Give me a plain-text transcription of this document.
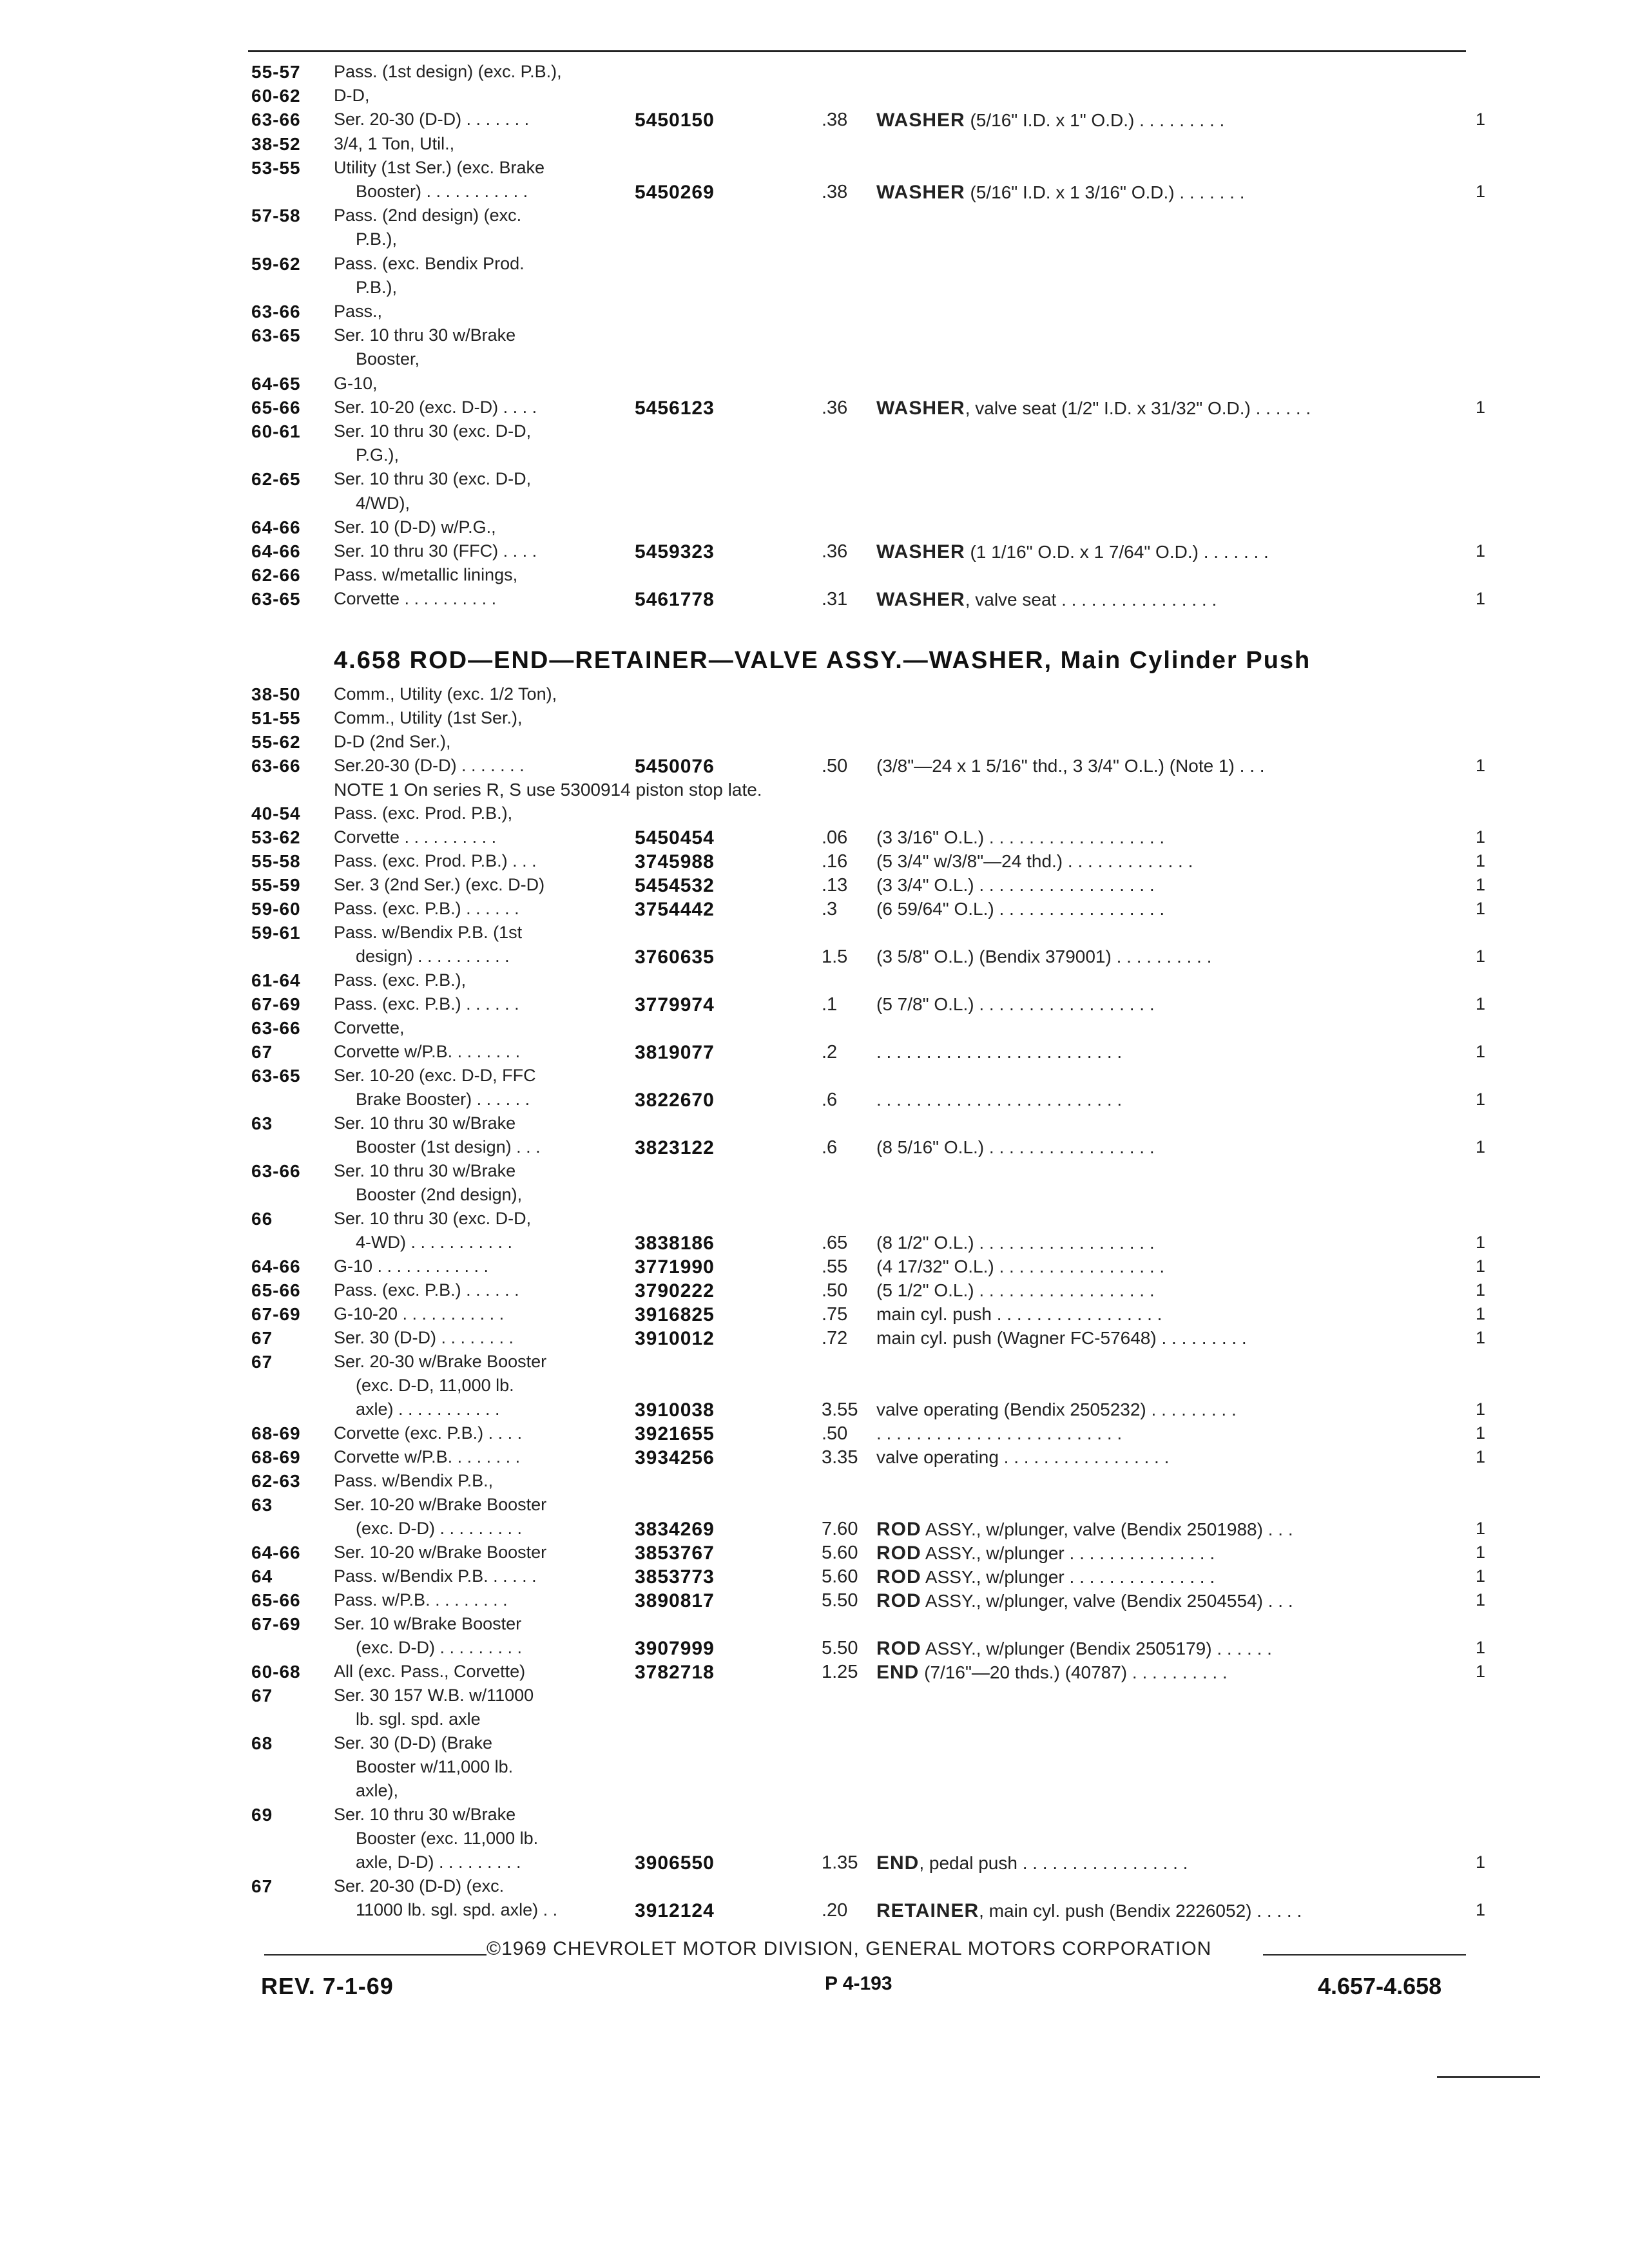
55-57 Pass. (1st design) (exc. P.B.),
60-62 D-D,
63-66 Ser. 20-30 (D-D) . . . . . . .	5450150	.38 WASHER (5/16" I.D. x 1" O.D.) . . . . . . . . .	1
38-52 3/4, 1 Ton, Util.,
53-55 Utility (1st Ser.) (exc. Brake
Booster) . . . . . . . . . . .	5450269	.38 WASHER (5/16" I.D. x 1 3/16" O.D.) . . . . . . .	1
57-58 Pass. (2nd design) (exc.
P.B.),
59-62 Pass. (exc. Bendix Prod.
P.B.),
63-66 Pass.,
63-65 Ser. 10 thru 30 w/Brake
Booster,
64-65 G-10,
65-66 Ser. 10-20 (exc. D-D) . . . .	5456123	.36 WASHER, valve seat (1/2" I.D. x 31/32" O.D.) . . . . . .	1
60-61 Ser. 10 thru 30 (exc. D-D,
P.G.),
62-65 Ser. 10 thru 30 (exc. D-D,
4/WD),
64-66 Ser. 10 (D-D) w/P.G.,
64-66 Ser. 10 thru 30 (FFC) . . . .	5459323	.36 WASHER (1 1/16" O.D. x 1 7/64" O.D.) . . . . . . .	1
62-66 Pass. w/metallic linings,
63-65 Corvette . . . . . . . . . .	5461778	.31 WASHER, valve seat . . . . . . . . . . . . . . . .	1
4.658 ROD—END—RETAINER—VALVE ASSY.—WASHER, Main Cylinder Push
38-50 Comm., Utility (exc. 1/2 Ton),
51-55 Comm., Utility (1st Ser.),
55-62 D-D (2nd Ser.),
63-66 Ser.20-30 (D-D) . . . . . . .	5450076	.50 (3/8"—24 x 1 5/16" thd., 3 3/4" O.L.) (Note 1) . . .	1
NOTE 1 On series R, S use 5300914 piston stop late.
40-54 Pass. (exc. Prod. P.B.),
53-62 Corvette . . . . . . . . . .	5450454	.06 (3 3/16" O.L.) . . . . . . . . . . . . . . . . . .	1
55-58 Pass. (exc. Prod. P.B.) . . .	3745988	.16 (5 3/4" w/3/8"—24 thd.) . . . . . . . . . . . . .	1
55-59 Ser. 3 (2nd Ser.) (exc. D-D)	5454532	.13 (3 3/4" O.L.) . . . . . . . . . . . . . . . . . .	1
59-60 Pass. (exc. P.B.) . . . . . .	3754442	.3 (6 59/64" O.L.) . . . . . . . . . . . . . . . . .	1
59-61 Pass. w/Bendix P.B. (1st
design) . . . . . . . . . .	3760635	1.5 (3 5/8" O.L.) (Bendix 379001) . . . . . . . . . .	1
61-64 Pass. (exc. P.B.),
67-69 Pass. (exc. P.B.) . . . . . .	3779974	.1 (5 7/8" O.L.) . . . . . . . . . . . . . . . . . .	1
63-66 Corvette,
67	Corvette w/P.B. . . . . . . .	3819077	.2 . . . . . . . . . . . . . . . . . . . . . . . . .	1
63-65 Ser. 10-20 (exc. D-D, FFC
Brake Booster) . . . . . .	3822670	.6 . . . . . . . . . . . . . . . . . . . . . . . . .	1
63	Ser. 10 thru 30 w/Brake
Booster (1st design) . . .	3823122	.6 (8 5/16" O.L.) . . . . . . . . . . . . . . . . .	1
63-66 Ser. 10 thru 30 w/Brake
Booster (2nd design),
66	Ser. 10 thru 30 (exc. D-D,
4-WD) . . . . . . . . . . .	3838186	.65 (8 1/2" O.L.) . . . . . . . . . . . . . . . . . .	1
64-66 G-10 . . . . . . . . . . . .	3771990	.55 (4 17/32" O.L.) . . . . . . . . . . . . . . . . .	1
65-66 Pass. (exc. P.B.) . . . . . .	3790222	.50 (5 1/2" O.L.) . . . . . . . . . . . . . . . . . .	1
67-69 G-10-20 . . . . . . . . . . .	3916825	.75 main cyl. push . . . . . . . . . . . . . . . . .	1
67	Ser. 30 (D-D) . . . . . . . .	3910012	.72 main cyl. push (Wagner FC-57648) . . . . . . . . .	1
67	Ser. 20-30 w/Brake Booster
(exc. D-D, 11,000 lb.
axle) . . . . . . . . . . .	3910038	3.55 valve operating (Bendix 2505232) . . . . . . . . .	1
68-69 Corvette (exc. P.B.) . . . .	3921655	.50 . . . . . . . . . . . . . . . . . . . . . . . . .	1
68-69 Corvette w/P.B. . . . . . . .	3934256	3.35 valve operating . . . . . . . . . . . . . . . . .	1
62-63 Pass. w/Bendix P.B.,
63	Ser. 10-20 w/Brake Booster
(exc. D-D) . . . . . . . . .	3834269	7.60 ROD ASSY., w/plunger, valve (Bendix 2501988) . . .	1
64-66 Ser. 10-20 w/Brake Booster	3853767	5.60 ROD ASSY., w/plunger . . . . . . . . . . . . . . .	1
64	Pass. w/Bendix P.B. . . . . .	3853773	5.60 ROD ASSY., w/plunger . . . . . . . . . . . . . . .	1
65-66 Pass. w/P.B. . . . . . . . .	3890817	5.50 ROD ASSY., w/plunger, valve (Bendix 2504554) . . .	1
67-69 Ser. 10 w/Brake Booster
(exc. D-D) . . . . . . . . .	3907999	5.50 ROD ASSY., w/plunger (Bendix 2505179) . . . . . .	1
60-68 All (exc. Pass., Corvette)	3782718	1.25 END (7/16"—20 thds.) (40787) . . . . . . . . . .	1
67	Ser. 30 157 W.B. w/11000
lb. sgl. spd. axle
68	Ser. 30 (D-D) (Brake
Booster w/11,000 lb.
axle),
69	Ser. 10 thru 30 w/Brake
Booster (exc. 11,000 lb.
axle, D-D) . . . . . . . . .	3906550	1.35 END, pedal push . . . . . . . . . . . . . . . . .	1
67	Ser. 20-30 (D-D) (exc.
11000 lb. sgl. spd. axle) . .	3912124	.20 RETAINER, main cyl. push (Bendix 2226052) . . . . .	1
©1969 CHEVROLET MOTOR DIVISION, GENERAL MOTORS CORPORATION
REV. 7-1-69	P 4-193	4.657-4.658
